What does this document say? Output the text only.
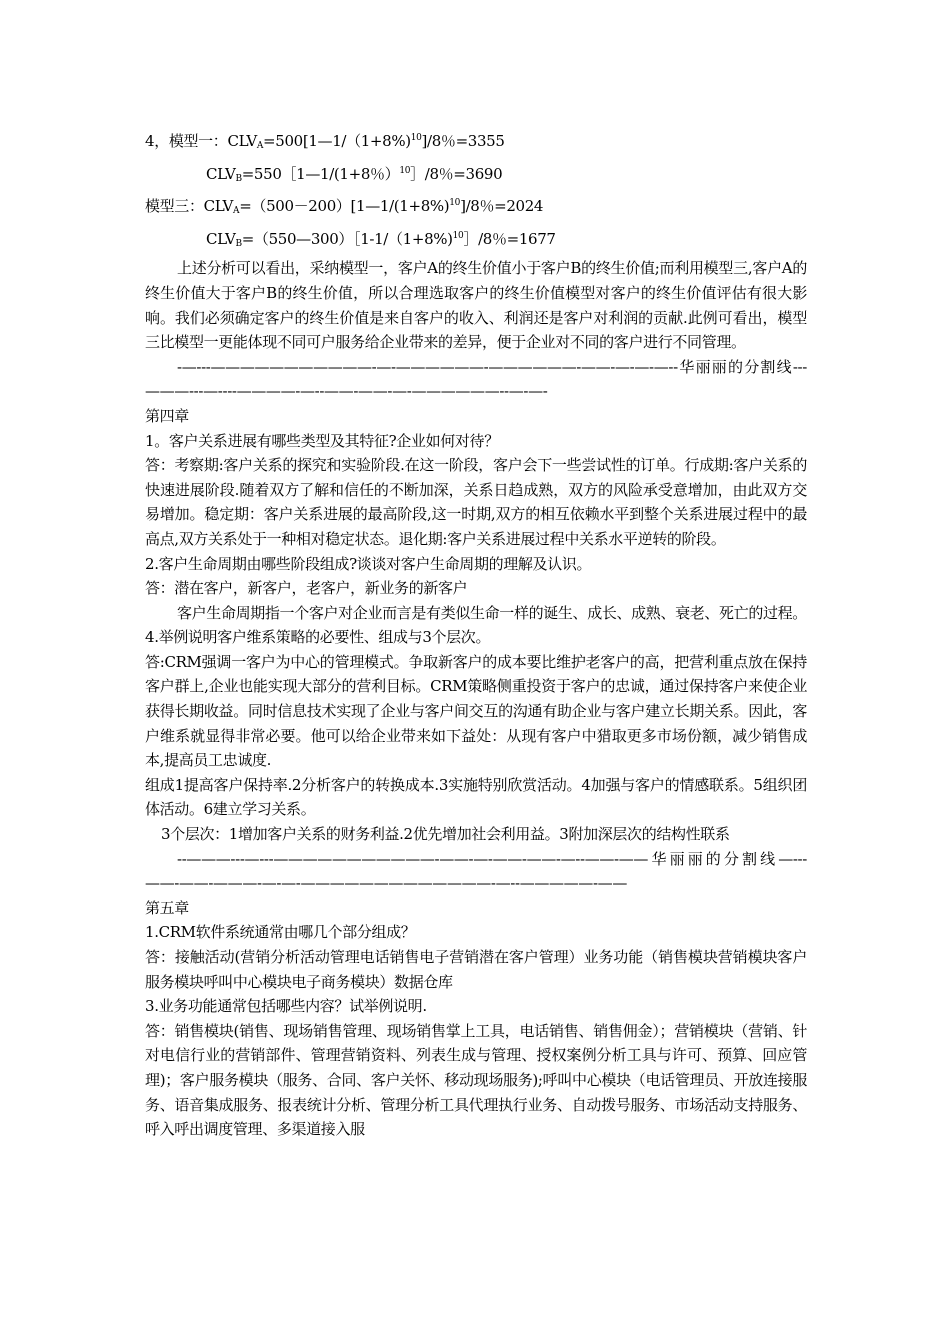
4，模型一：$CLV_A=500[1—1/(1+8\%)^{10}]/8$％=3355

$CLV_B=550[1—1/(1+8$％）$^{10}$］/8％=3690

模型三：$CLV_A=(500-200)[1—1/(1+8\%)^{10}]/8$％=2024

$CLV_B=(550—300)[1-1/(1+8\%)^{10}]/8$％=1677

上述分析可以看出，采纳模型一，客户A的终生价值小于客户B的终生价值;而利用模型三,客户A的终生价值大于客户B的终生价值，所以合理选取客户的终生价值模型对客户的终生价值评估有很大影响。我们必须确定客户的终生价值是来自客户的收入、利润还是客户对利润的贡献.此例可看出，模型三比模型一更能体现不同可户服务给企业带来的差异，便于企业对不同的客户进行不同管理。

-—---———————————-—-——————-——————-——-—-—-—--华丽丽的分割线---———---—----————-—--——-——-—-——————--—-—-

第四章

1。客户关系进展有哪些类型及其特征?企业如何对待？

答：考察期:客户关系的探究和实验阶段.在这一阶段，客户会下一些尝试性的订单。行成期:客户关系的快速进展阶段.随着双方了解和信任的不断加深，关系日趋成熟，双方的风险承受意增加，由此双方交易增加。稳定期：客户关系进展的最高阶段,这一时期,双方的相互依赖水平到整个关系进展过程中的最高点,双方关系处于一种相对稳定状态。退化期:客户关系进展过程中关系水平逆转的阶段。

2.客户生命周期由哪些阶段组成?谈谈对客户生命周期的理解及认识。

答：潜在客户，新客户，老客户，新业务的新客户

客户生命周期指一个客户对企业而言是有类似生命一样的诞生、成长、成熟、衰老、死亡的过程。

4.举例说明客户维系策略的必要性、组成与3个层次。

答:CRM强调一客户为中心的管理模式。争取新客户的成本要比维护老客户的高，把营利重点放在保持客户群上,企业也能实现大部分的营利目标。CRM策略侧重投资于客户的忠诚，通过保持客户来使企业获得长期收益。同时信息技术实现了企业与客户间交互的沟通有助企业与客户建立长期关系。因此，客户维系就显得非常必要。他可以给企业带来如下益处：从现有客户中猎取更多市场份额，减少销售成本,提高员工忠诚度.

组成1提高客户保持率.2分析客户的转换成本.3实施特别欣赏活动。4加强与客户的情感联系。5组织团体活动。6建立学习关系。

3个层次：1增加客户关系的财务利益.2优先增加社会利用益。3附加深层次的结构性联系

--———---—---———————————-——-—-——-——-—--——-——华丽丽的分割线—---——-——-———-—-—-—————————————-—--—————-——

第五章

1.CRM软件系统通常由哪几个部分组成？

答：接触活动(营销分析活动管理电话销售电子营销潜在客户管理）业务功能（销售模块营销模块客户服务模块呼叫中心模块电子商务模块）数据仓库

3.业务功能通常包括哪些内容？试举例说明.

答：销售模块(销售、现场销售管理、现场销售掌上工具，电话销售、销售佣金）；营销模块（营销、针对电信行业的营销部件、管理营销资料、列表生成与管理、授权案例分析工具与许可、预算、回应管理)；客户服务模块（服务、合同、客户关怀、移动现场服务);呼叫中心模块（电话管理员、开放连接服务、语音集成服务、报表统计分析、管理分析工具代理执行业务、自动拨号服务、市场活动支持服务、呼入呼出调度管理、多渠道接入服
